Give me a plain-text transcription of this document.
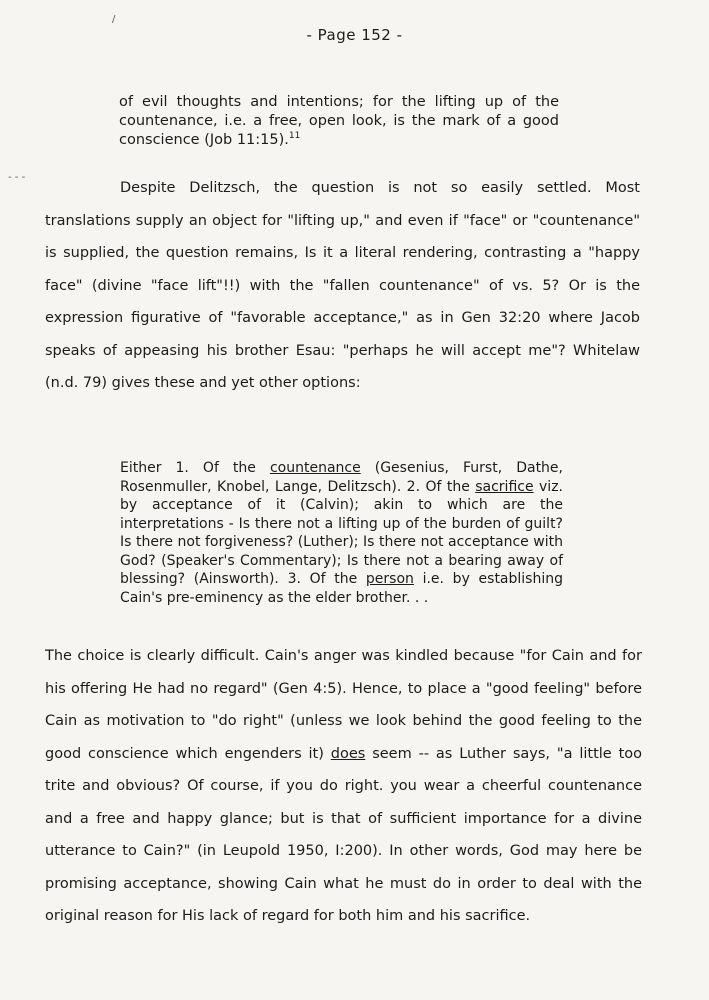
/
- - -
- Page 152 -
of evil thoughts and intentions; for the lifting up of the countenance, i.e. a free, open look, is the mark of a good conscience (Job 11:15).$^{11}$
Despite Delitzsch, the question is not so easily settled. Most translations supply an object for "lifting up," and even if "face" or "countenance" is supplied, the question remains, Is it a literal rendering, contrasting a "happy face" (divine "face lift"!!) with the "fallen countenance" of vs. 5? Or is the expression figurative of "favorable acceptance," as in Gen 32:20 where Jacob speaks of appeasing his brother Esau: "perhaps he will accept me"? Whitelaw (n.d. 79) gives these and yet other options:
Either 1. Of the countenance (Gesenius, Furst, Dathe, Rosenmuller, Knobel, Lange, Delitzsch). 2. Of the sacrifice viz. by acceptance of it (Calvin); akin to which are the interpretations - Is there not a lifting up of the burden of guilt? Is there not forgiveness? (Luther); Is there not acceptance with God? (Speaker's Commentary); Is there not a bearing away of blessing? (Ainsworth). 3. Of the person i.e. by establishing Cain's pre-eminency as the elder brother. . .
The choice is clearly difficult. Cain's anger was kindled because "for Cain and for his offering He had no regard" (Gen 4:5). Hence, to place a "good feeling" before Cain as motivation to "do right" (unless we look behind the good feeling to the good conscience which engenders it) does seem -- as Luther says, "a little too trite and obvious? Of course, if you do right. you wear a cheerful countenance and a free and happy glance; but is that of sufficient importance for a divine utterance to Cain?" (in Leupold 1950, I:200). In other words, God may here be promising acceptance, showing Cain what he must do in order to deal with the original reason for His lack of regard for both him and his sacrifice.
